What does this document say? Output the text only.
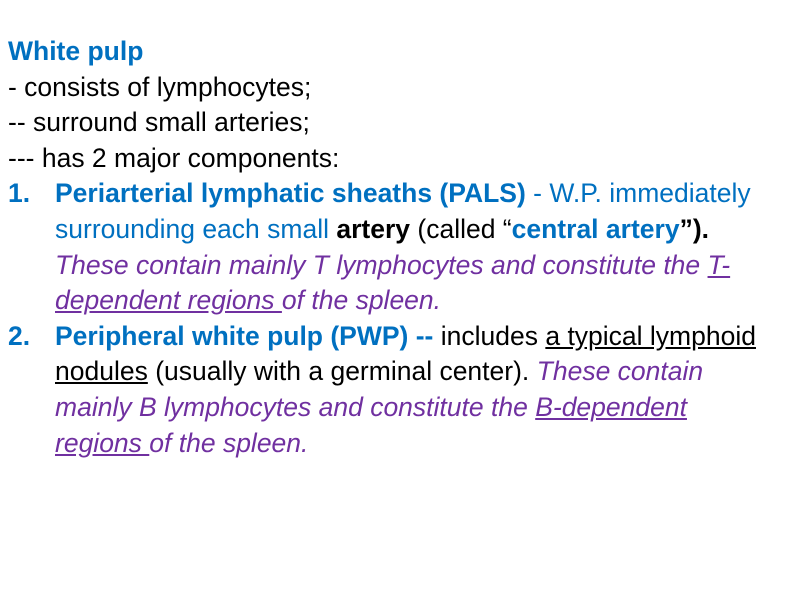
White pulp

- consists of lymphocytes;

-- surround small arteries;

--- has 2 major components:

1. Periarterial lymphatic sheaths (PALS) - W.P. immediately surrounding each small artery (called “central artery”). These contain mainly T lymphocytes and constitute the T-dependent regions of the spleen.
2. Peripheral white pulp (PWP) -- includes a typical lymphoid nodules (usually with a germinal center). These contain mainly B lymphocytes and constitute the B-dependent regions of the spleen.
